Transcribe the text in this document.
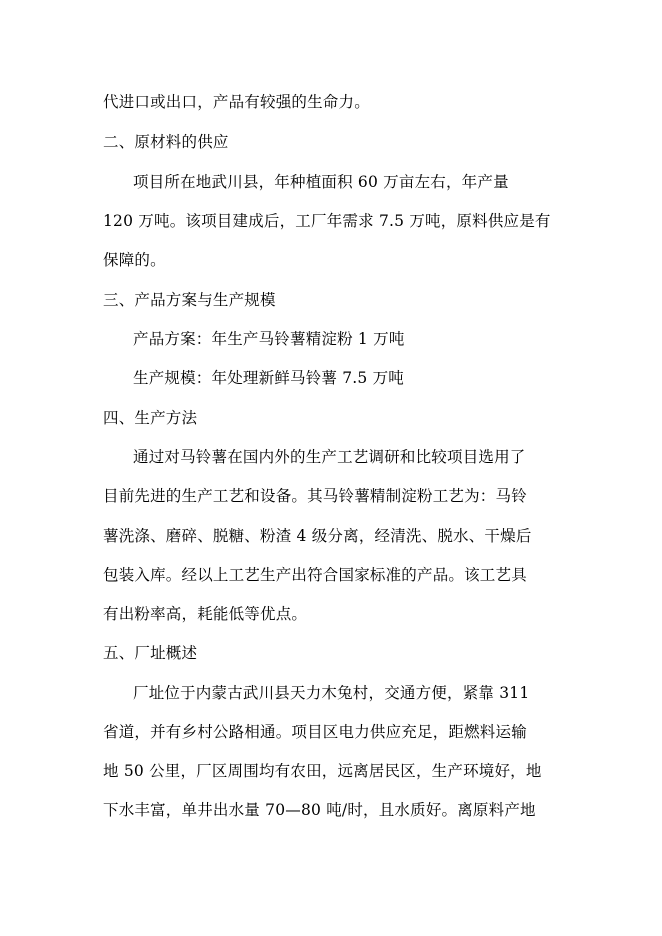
代进口或出口，产品有较强的生命力。
二、原材料的供应
项目所在地武川县，年种植面积 60 万亩左右，年产量
120 万吨。该项目建成后，工厂年需求 7.5 万吨，原料供应是有
保障的。
三、产品方案与生产规模
产品方案：年生产马铃薯精淀粉 1 万吨
生产规模：年处理新鲜马铃薯 7.5 万吨
四、生产方法
通过对马铃薯在国内外的生产工艺调研和比较项目选用了
目前先进的生产工艺和设备。其马铃薯精制淀粉工艺为：马铃
薯洗涤、磨碎、脱糖、粉渣 4 级分离，经清洗、脱水、干燥后
包装入库。经以上工艺生产出符合国家标准的产品。该工艺具
有出粉率高，耗能低等优点。
五、厂址概述
厂址位于内蒙古武川县天力木兔村，交通方便，紧靠 311
省道，并有乡村公路相通。项目区电力供应充足，距燃料运输
地 50 公里，厂区周围均有农田，远离居民区，生产环境好，地
下水丰富，单井出水量 70—80 吨/时，且水质好。离原料产地
